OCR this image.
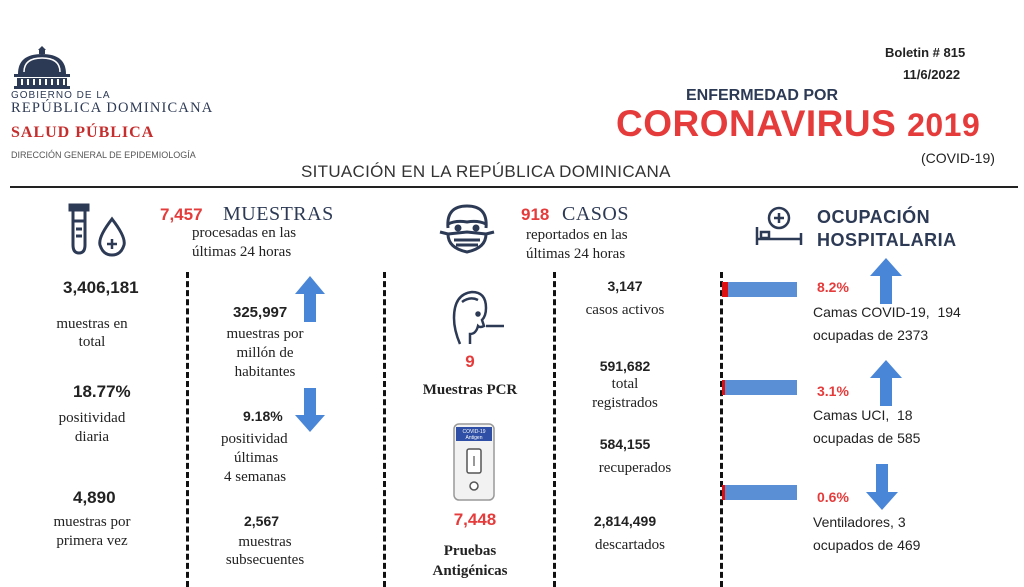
GOBIERNO DE LA
REPÚBLICA DOMINICANA
SALUD PÚBLICA
DIRECCIÓN GENERAL DE EPIDEMIOLOGÍA
Boletin # 815
11/6/2022
ENFERMEDAD POR
CORONAVIRUS 2019
(COVID-19)
SITUACIÓN EN LA REPÚBLICA DOMINICANA
7,457 MUESTRAS
procesadas en las
últimas 24 horas
3,406,181
muestras en
total
18.77%
positividad
diaria
4,890
muestras por
primera vez
325,997
muestras por
millón de
habitantes
9.18%
positividad
últimas
4 semanas
2,567
muestras
subsecuentes
918 CASOS
reportados en las
últimas 24 horas
9
Muestras PCR
COVID-19
Antigen
7,448
Pruebas
Antigénicas
3,147
casos activos
591,682
total
registrados
584,155
recuperados
2,814,499
descartados
OCUPACIÓN
HOSPITALARIA
8.2%
Camas COVID-19,  194
ocupadas de 2373
3.1%
Camas UCI,  18
ocupadas de 585
0.6%
Ventiladores, 3
ocupados de 469
